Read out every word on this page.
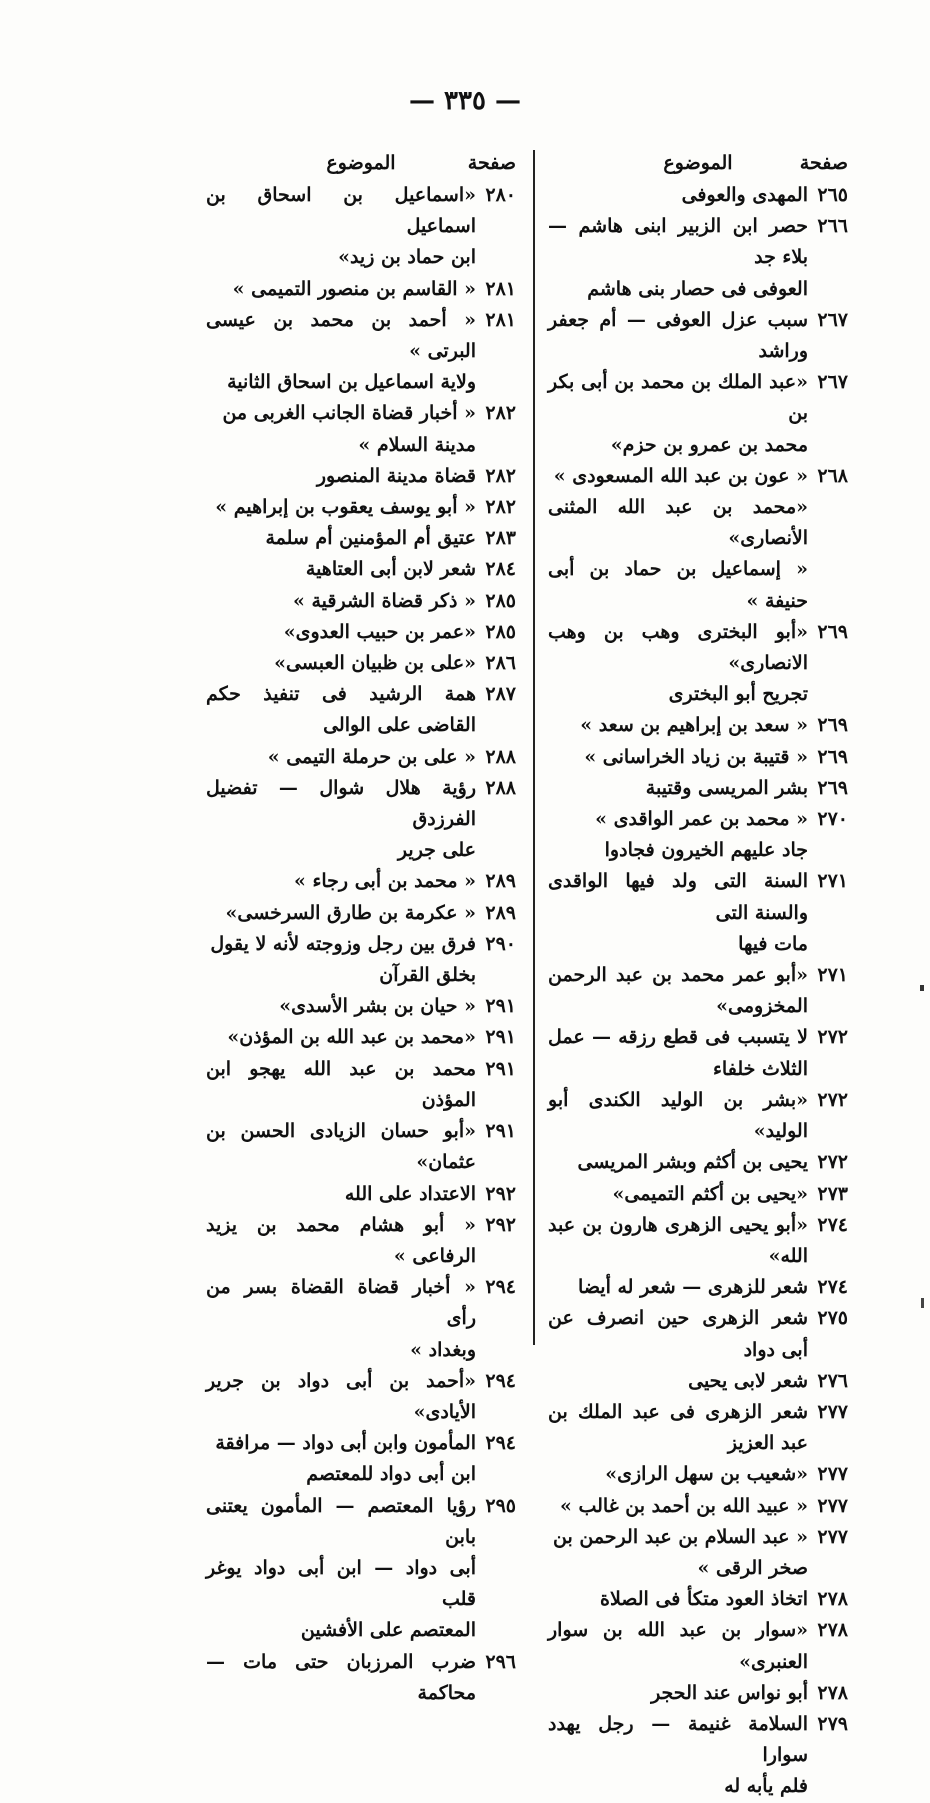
— ٣٣٥ —
صفحة
الموضوع
٢٦٥
المهدى والعوفى
٢٦٦
حصر ابن الزبير ابنى هاشم — بلاء جد
العوفى فى حصار بنى هاشم
٢٦٧
سبب عزل العوفى — أم جعفر وراشد
٢٦٧
«عبد الملك بن محمد بن أبى بكر بن
محمد بن عمرو بن حزم»
٢٦٨
« عون بن عبد الله المسعودى »
«محمد بن عبد الله المثنى الأنصارى»
« إسماعيل بن حماد بن أبى حنيفة »
٢٦٩
«أبو البخترى وهب بن وهب الانصارى»
تجريح أبو البخترى
٢٦٩
« سعد بن إبراهيم بن سعد »
٢٦٩
« قتيبة بن زياد الخراسانى »
٢٦٩
بشر المريسى وقتيبة
٢٧٠
« محمد بن عمر الواقدى »
جاد عليهم الخيرون فجادوا
٢٧١
السنة التى ولد فيها الواقدى والسنة التى
مات فيها
٢٧١
«أبو عمر محمد بن عبد الرحمن المخزومى»
٢٧٢
لا يتسبب فى قطع رزقه — عمل الثلاث خلفاء
٢٧٢
«بشر بن الوليد الكندى أبو الوليد»
٢٧٢
يحيى بن أكثم وبشر المريسى
٢٧٣
«يحيى بن أكثم التميمى»
٢٧٤
«أبو يحيى الزهرى هارون بن عبد الله»
٢٧٤
شعر للزهرى — شعر له أيضا
٢٧٥
شعر الزهرى حين انصرف عن أبى دواد
٢٧٦
شعر لابى يحيى
٢٧٧
شعر الزهرى فى عبد الملك بن عبد العزيز
٢٧٧
«شعيب بن سهل الرازى»
٢٧٧
« عبيد الله بن أحمد بن غالب »
٢٧٧
« عبد السلام بن عبد الرحمن بن
صخر الرقى »
٢٧٨
اتخاذ العود متكأ فى الصلاة
٢٧٨
«سوار بن عبد الله بن سوار العنبرى»
٢٧٨
أبو نواس عند الحجر
٢٧٩
السلامة غنيمة — رجل يهدد سوارا
فلم يأبه له
صفحة
الموضوع
٢٨٠
«اسماعيل بن اسحاق بن اسماعيل
ابن حماد بن زيد»
٢٨١
« القاسم بن منصور التميمى »
٢٨١
« أحمد بن محمد بن عيسى البرتى »
ولاية اسماعيل بن اسحاق الثانية
٢٨٢
« أخبار قضاة الجانب الغربى من
مدينة السلام »
٢٨٢
قضاة مدينة المنصور
٢٨٢
« أبو يوسف يعقوب بن إبراهيم »
٢٨٣
عتيق أم المؤمنين أم سلمة
٢٨٤
شعر لابن أبى العتاهية
٢٨٥
« ذكر قضاة الشرقية »
٢٨٥
«عمر بن حبيب العدوى»
٢٨٦
«على بن ظبيان العبسى»
٢٨٧
همة الرشيد فى تنفيذ حكم القاضى على الوالى
٢٨٨
« على بن حرملة التيمى »
٢٨٨
رؤية هلال شوال — تفضيل الفرزدق
على جرير
٢٨٩
« محمد بن أبى رجاء »
٢٨٩
« عكرمة بن طارق السرخسى»
٢٩٠
فرق بين رجل وزوجته لأنه لا يقول
بخلق القرآن
٢٩١
« حيان بن بشر الأسدى»
٢٩١
«محمد بن عبد الله بن المؤذن»
٢٩١
محمد بن عبد الله يهجو ابن المؤذن
٢٩١
«أبو حسان الزيادى الحسن بن عثمان»
٢٩٢
الاعتداد على الله
٢٩٢
« أبو هشام محمد بن يزيد الرفاعى »
٢٩٤
« أخبار قضاة القضاة بسر من رأى
وبغداد »
٢٩٤
«أحمد بن أبى دواد بن جرير الأيادى»
٢٩٤
المأمون وابن أبى دواد — مرافقة
ابن أبى دواد للمعتصم
٢٩٥
رؤيا المعتصم — المأمون يعتنى بابن
أبى دواد — ابن أبى دواد يوغر قلب
المعتصم على الأفشين
٢٩٦
ضرب المرزبان حتى مات — محاكمة
